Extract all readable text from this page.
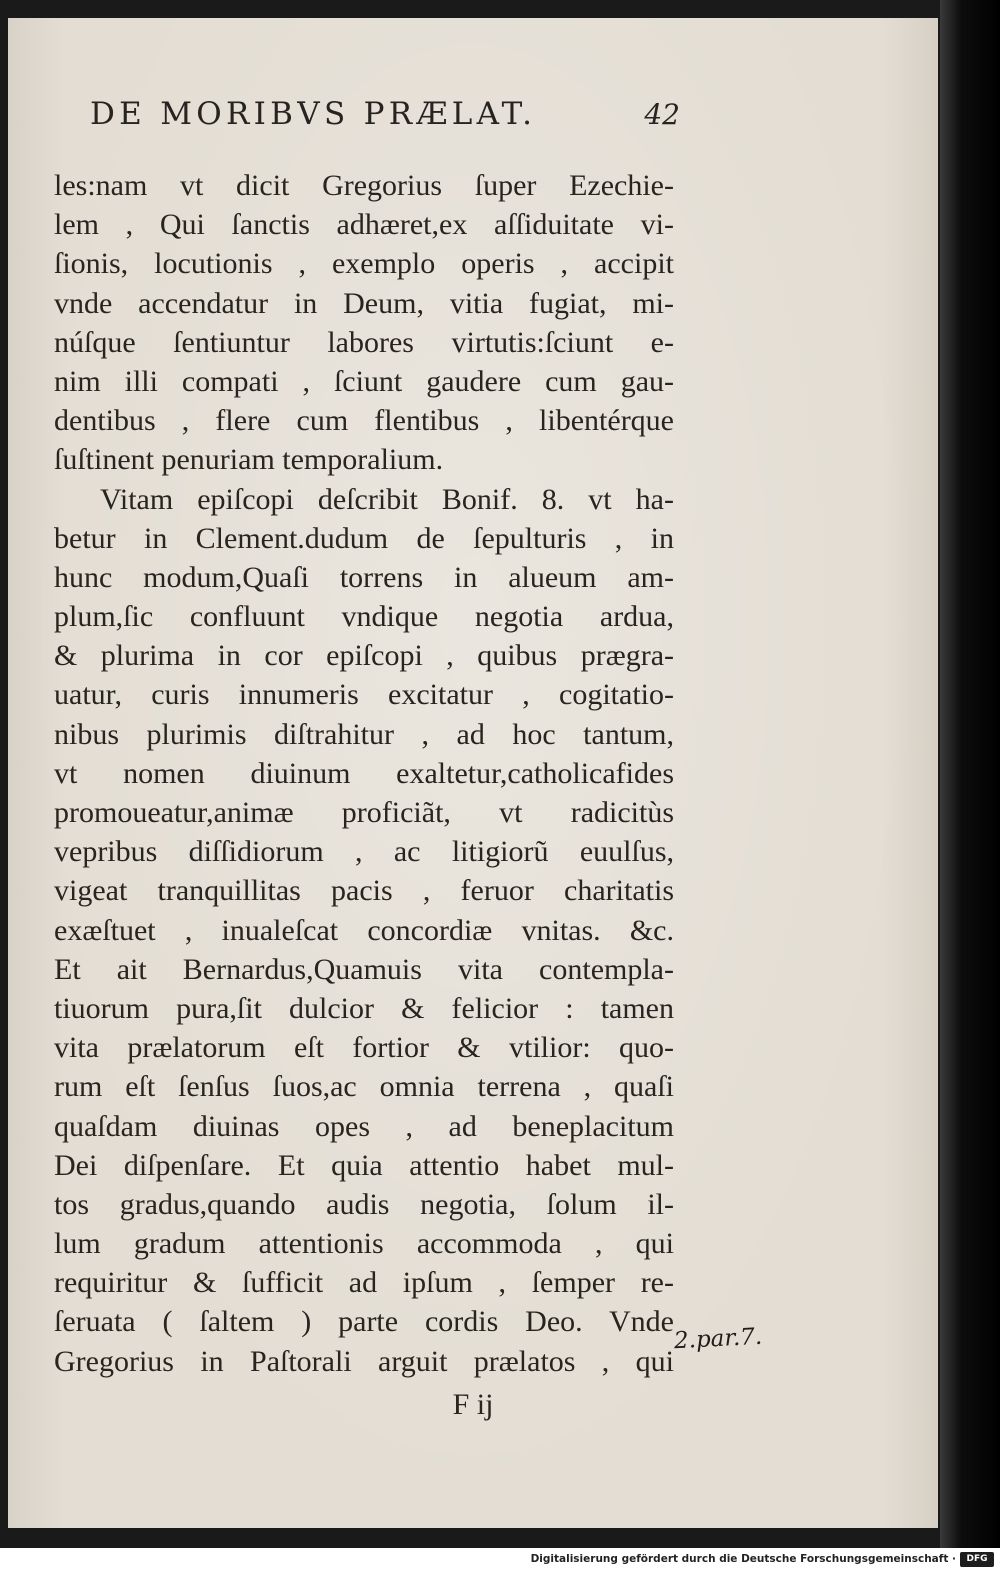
DE MORIBVS PRÆLAT.	42
les:nam vt dicit Gregorius ſuper Ezechie-
lem , Qui ſanctis adhæret,ex aſſiduitate vi-
ſionis, locutionis , exemplo operis , accipit
vnde accendatur in Deum, vitia fugiat, mi-
núſque ſentiuntur labores virtutis:ſciunt e-
nim illi compati , ſciunt gaudere cum gau-
dentibus , flere cum flentibus , libentérque
ſuſtinent penuriam temporalium.
Vitam epiſcopi deſcribit Bonif. 8. vt ha-
betur in Clement.dudum de ſepulturis , in
hunc modum,Quaſi torrens in alueum am-
plum,ſic confluunt vndique negotia ardua,
& plurima in cor epiſcopi , quibus prægra-
uatur, curis innumeris excitatur , cogitatio-
nibus plurimis diſtrahitur , ad hoc tantum,
vt nomen diuinum exaltetur,catholicafides
promoueatur,animæ proficiãt, vt radicitùs
vepribus diſſidiorum , ac litigiorũ euulſus,
vigeat tranquillitas pacis , feruor charitatis
exæſtuet , inualeſcat concordiæ vnitas. &c.
Et ait Bernardus,Quamuis vita contempla-
tiuorum pura,ſit dulcior & felicior : tamen
vita prælatorum eſt fortior & vtilior: quo-
rum eſt ſenſus ſuos,ac omnia terrena , quaſi
quaſdam diuinas opes , ad beneplacitum
Dei diſpenſare. Et quia attentio habet mul-
tos gradus,quando audis negotia, ſolum il-
lum gradum attentionis accommoda , qui
requiritur & ſufficit ad ipſum , ſemper re-
ſeruata ( ſaltem ) parte cordis Deo. Vnde
Gregorius in Paſtorali arguit prælatos , qui
2.par.7.
F ij
Digitalisierung gefördert durch die Deutsche Forschungsgemeinschaft ·	DFG
